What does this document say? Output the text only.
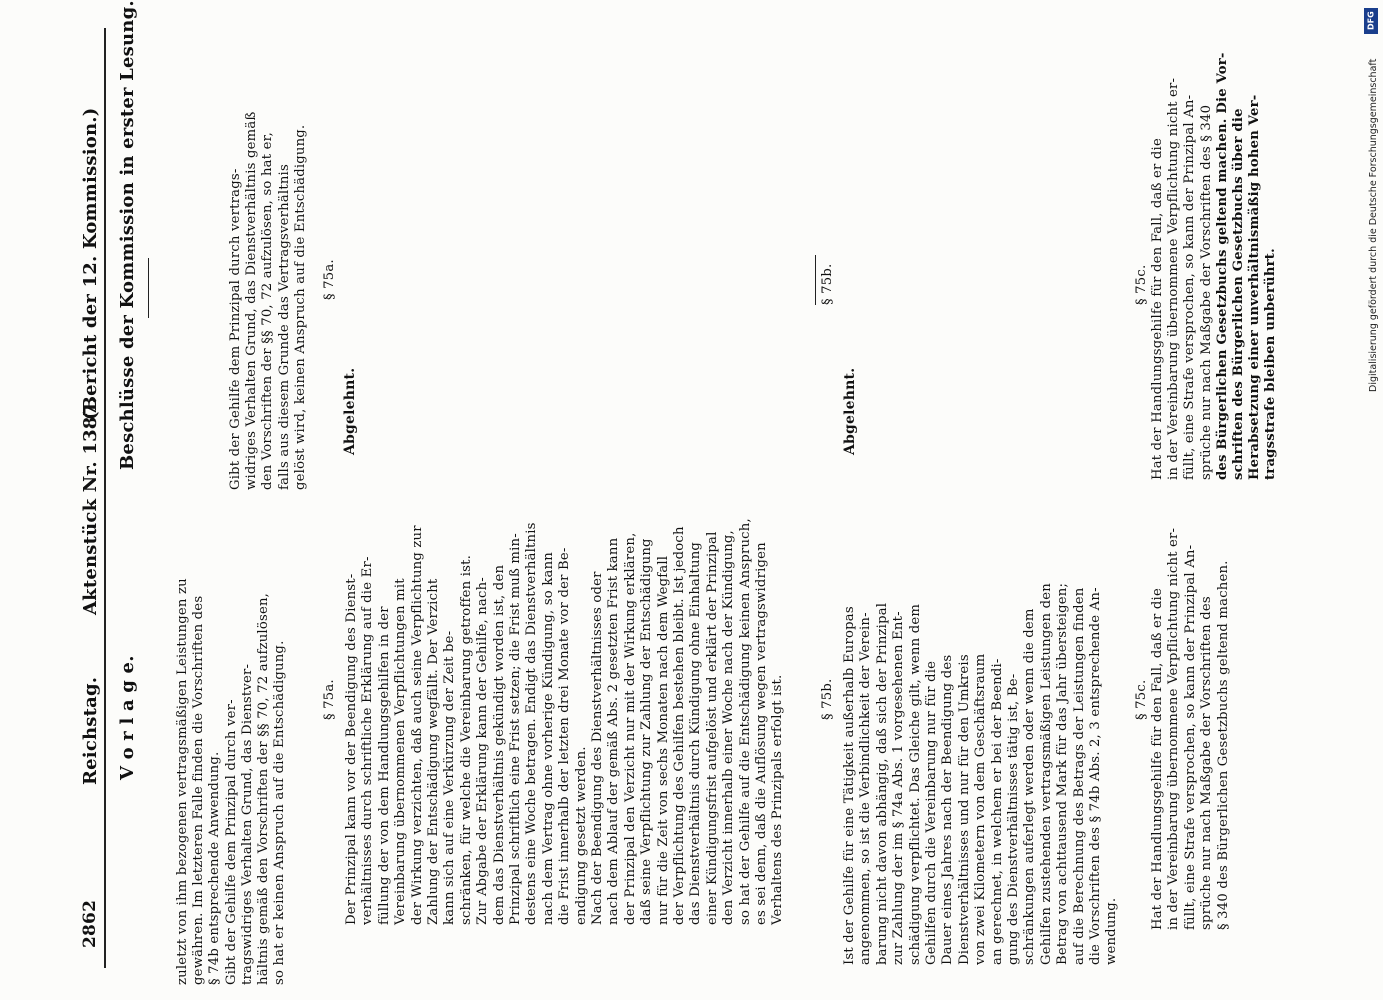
2862
Reichstag.
Aktenstück Nr. 1387.
(Bericht der 12. Kommission.)
V o r l a g e.	zuletzt von ihm bezogenen vertragsmäßigen Leistungen zu gewähren. Im letzteren Falle finden die Vorschriften des § 74b entsprechende Anwendung. Gibt der Gehilfe dem Prinzipal durch ver- tragswidriges Verhalten Grund, das Dienstver- hältnis gemäß den Vorschriften der §§ 70, 72 aufzulösen, so hat er keinen Anspruch auf die Entschädigung.	§ 75a. Der Prinzipal kann vor der Beendigung des Dienst- verhältnisses durch schriftliche Erklärung auf die Er- füllung der von dem Handlungsgehilfen in der Vereinbarung übernommenen Verpflichtungen mit der Wirkung verzichten, daß auch seine Verpflichtung zur Zahlung der Entschädigung wegfällt. Der Verzicht kann sich auf eine Verkürzung der Zeit be- schränken, für welche die Vereinbarung getroffen ist. Zur Abgabe der Erklärung kann der Gehilfe, nach- dem das Dienstverhältnis gekündigt worden ist, den Prinzipal schriftlich eine Frist setzen; die Frist muß min- destens eine Woche betragen. Endigt das Dienstverhältnis nach dem Vertrag ohne vorherige Kündigung, so kann die Frist innerhalb der letzten drei Monate vor der Be- endigung gesetzt werden. Nach der Beendigung des Dienstverhältnisses oder nach dem Ablauf der gemäß Abs. 2 gesetzten Frist kann der Prinzipal den Verzicht nur mit der Wirkung erklären, daß seine Verpflichtung zur Zahlung der Entschädigung nur für die Zeit von sechs Monaten nach dem Wegfall der Verpflichtung des Gehilfen bestehen bleibt. Ist jedoch das Dienstverhältnis durch Kündigung ohne Einhaltung einer Kündigungsfrist aufgelöst und erklärt der Prinzipal den Verzicht innerhalb einer Woche nach der Kündigung, so hat der Gehilfe auf die Entschädigung keinen Anspruch, es sei denn, daß die Auflösung wegen vertragswidrigen Verhaltens des Prinzipals erfolgt ist.	§ 75b. Ist der Gehilfe für eine Tätigkeit außerhalb Europas angenommen, so ist die Verbindlichkeit der Verein- barung nicht davon abhängig, daß sich der Prinzipal zur Zahlung der im § 74a Abs. 1 vorgesehenen Ent- schädigung verpflichtet. Das Gleiche gilt, wenn dem Gehilfen durch die Vereinbarung nur für die Dauer eines Jahres nach der Beendigung des Dienstverhältnisses und nur für den Umkreis von zwei Kilometern von dem Geschäftsraum an gerechnet, in welchem er bei der Beendi- gung des Dienstverhältnisses tätig ist, Be- schränkungen auferlegt werden oder wenn die dem Gehilfen zustehenden vertragsmäßigen Leistungen den Betrag von achttausend Mark für das Jahr übersteigen; auf die Berechnung des Betrags der Leistungen finden die Vorschriften des § 74b Abs. 2, 3 entsprechende An- wendung.
§ 75c. Hat der Handlungsgehilfe für den Fall, daß er die in der Vereinbarung übernommene Verpflichtung nicht er- füllt, eine Strafe versprochen, so kann der Prinzipal An- sprüche nur nach Maßgabe der Vorschriften des § 340 des Bürgerlichen Gesetzbuchs geltend machen.
Beschlüsse der Kommission in erster Lesung.	Gibt der Gehilfe dem Prinzipal durch vertrags- widriges Verhalten Grund, das Dienstverhältnis gemäß den Vorschriften der §§ 70, 72 aufzulösen, so hat er, falls aus diesem Grunde das Vertragsverhältnis gelöst wird, keinen Anspruch auf die Entschädigung. § 75a.
Abgelehnt.
§ 75b.
Abgelehnt.
§ 75c. Hat der Handlungsgehilfe für den Fall, daß er die in der Vereinbarung übernommene Verpflichtung nicht er- füllt, eine Strafe versprochen, so kann der Prinzipal An- sprüche nur nach Maßgabe der Vorschriften des § 340 des Bürgerlichen Gesetzbuchs geltend machen. Die Vor- schriften des Bürgerlichen Gesetzbuchs über die Herabsetzung einer unverhältnismäßig hohen Ver- tragsstrafe bleiben unberührt.
DFG
Digitalisierung gefördert durch die Deutsche Forschungsgemeinschaft
